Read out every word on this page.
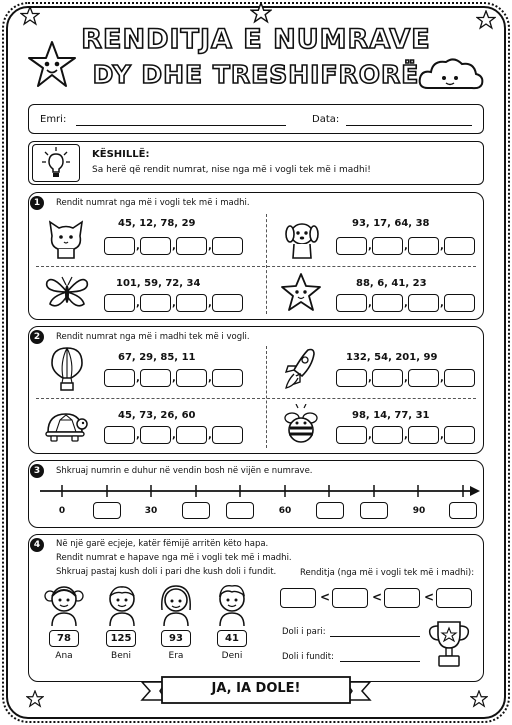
RENDITJA E NUMRAVE
DY DHE TRESHIFRORË
Emri:	Data:
KËSHILLË:
Sa herë që rendit numrat, nise nga më i vogli tek më i madhi!
1	Rendit numrat nga më i vogli tek më i madhi.
45, 12, 78, 29
,	,	,
93, 17, 64, 38
,	,	,
101, 59, 72, 34
,	,	,
88, 6, 41, 23
,	,	,
2	Rendit numrat nga më i madhi tek më i vogli.
67, 29, 85, 11
,	,	,
132, 54, 201, 99
,	,	,
45, 73, 26, 60
,	,	,
98, 14, 77, 31
,	,	,
3	Shkruaj numrin e duhur në vendin bosh në vijën e numrave.
0	30	60	90
4	Në një garë ecjeje, katër fëmijë arritën këto hapa.
Rendit numrat e hapave nga më i vogli tek më i madhi.
Shkruaj pastaj kush doli i pari dhe kush doli i fundit.
78	125	93	41
Ana	Beni	Era	Deni
Renditja (nga më i vogli tek më i madhi):
<	<	<
Doli i pari:
Doli i fundit:
JA, IA DOLE!
